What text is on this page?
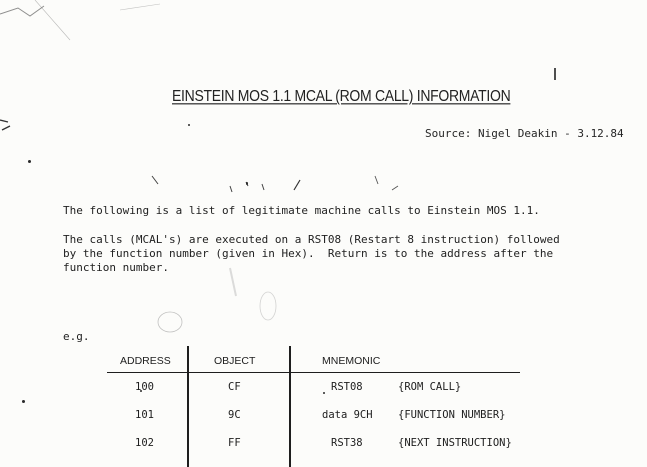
EINSTEIN MOS 1.1 MCAL (ROM CALL) INFORMATION
Source: Nigel Deakin - 3.12.84

The following is a list of legitimate machine calls to Einstein MOS 1.1.

The calls (MCAL's) are executed on a RST08 (Restart 8 instruction) followed
by the function number (given in Hex).  Return is to the address after the
function number.
e.g.
ADDRESS	OBJECT	MNEMONIC
100	CF	RST08	{ROM CALL}
101	9C	data 9CH {FUNCTION NUMBER}
102	FF	RST38	{NEXT INSTRUCTION}
